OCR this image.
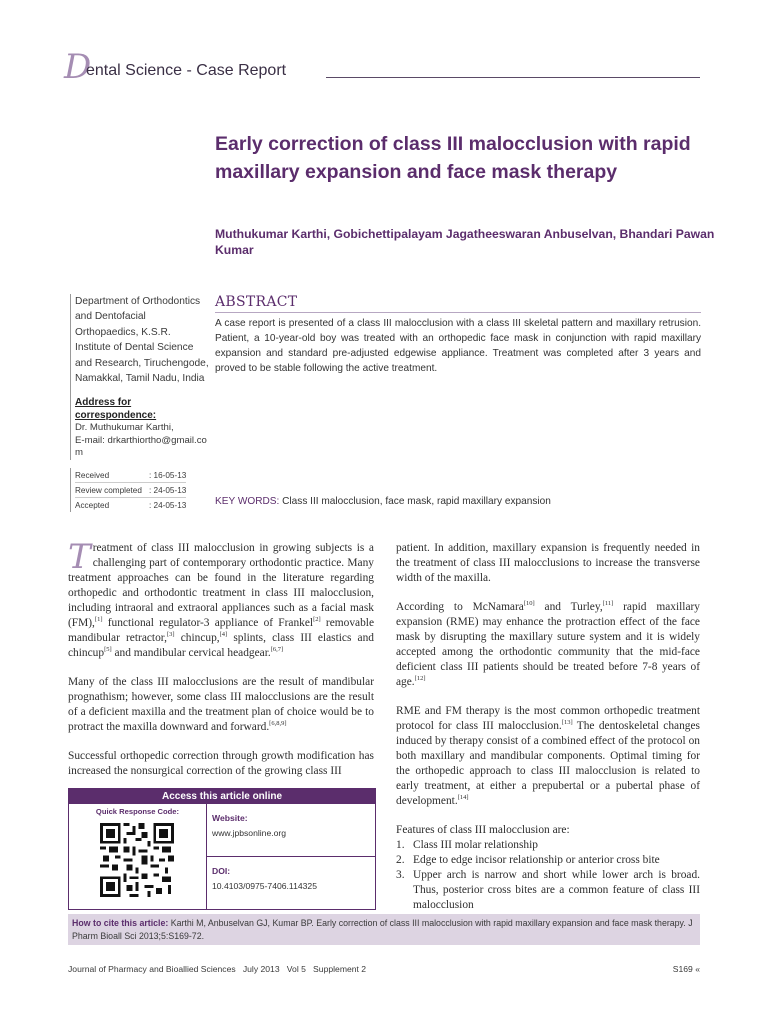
D
ental Science - Case Report
Early correction of class III malocclusion with rapid maxillary expansion and face mask therapy
Muthukumar Karthi, Gobichettipalayam Jagatheeswaran Anbuselvan, Bhandari Pawan Kumar
Department of Orthodontics and Dentofacial Orthopaedics, K.S.R. Institute of Dental Science and Research, Tiruchengode, Namakkal, Tamil Nadu, India
Address for correspondence:
Dr. Muthukumar Karthi,
E-mail: drkarthiortho@gmail.com
Received	: 16-05-13
Review completed	: 24-05-13
Accepted	: 24-05-13
ABSTRACT
A case report is presented of a class III malocclusion with a class III skeletal pattern and maxillary retrusion. Patient, a 10-year-old boy was treated with an orthopedic face mask in conjunction with rapid maxillary expansion and standard pre-adjusted edgewise appliance. Treatment was completed after 3 years and proved to be stable following the active treatment.
KEY WORDS: Class III malocclusion, face mask, rapid maxillary expansion

Treatment of class III malocclusion in growing subjects is a challenging part of contemporary orthodontic practice. Many treatment approaches can be found in the literature regarding orthopedic and orthodontic treatment in class III malocclusion, including intraoral and extraoral appliances such as a facial mask (FM),[1] functional regulator-3 appliance of Frankel[2] removable mandibular retractor,[3] chincup,[4] splints, class III elastics and chincup[5] and mandibular cervical headgear.[6,7]

Many of the class III malocclusions are the result of mandibular prognathism; however, some class III malocclusions are the result of a deficient maxilla and the treatment plan of choice would be to protract the maxilla downward and forward.[6,8,9]

Successful orthopedic correction through growth modification has increased the nonsurgical correction of the growing class III

Access this article online
Quick Response Code:
Website:
www.jpbsonline.org
DOI:
10.4103/0975-7406.114325

patient. In addition, maxillary expansion is frequently needed in the treatment of class III malocclusions to increase the transverse width of the maxilla.

According to McNamara[10] and Turley,[11] rapid maxillary expansion (RME) may enhance the protraction effect of the face mask by disrupting the maxillary suture system and it is widely accepted among the orthodontic community that the mid-face deficient class III patients should be treated before 7-8 years of age.[12]

RME and FM therapy is the most common orthopedic treatment protocol for class III malocclusion.[13] The dentoskeletal changes induced by therapy consist of a combined effect of the protocol on both maxillary and mandibular components. Optimal timing for the orthopedic approach to class III malocclusion is related to early treatment, at either a prepubertal or a pubertal phase of development.[14]

Features of class III malocclusion are:
1. Class III molar relationship
2. Edge to edge incisor relationship or anterior cross bite
3. Upper arch is narrow and short while lower arch is broad. Thus, posterior cross bites are a common feature of class III malocclusion
How to cite this article: Karthi M, Anbuselvan GJ, Kumar BP. Early correction of class III malocclusion with rapid maxillary expansion and face mask therapy. J Pharm Bioall Sci 2013;5:S169-72.
Journal of Pharmacy and Bioallied Sciences   July 2013   Vol 5   Supplement 2	S169 «
